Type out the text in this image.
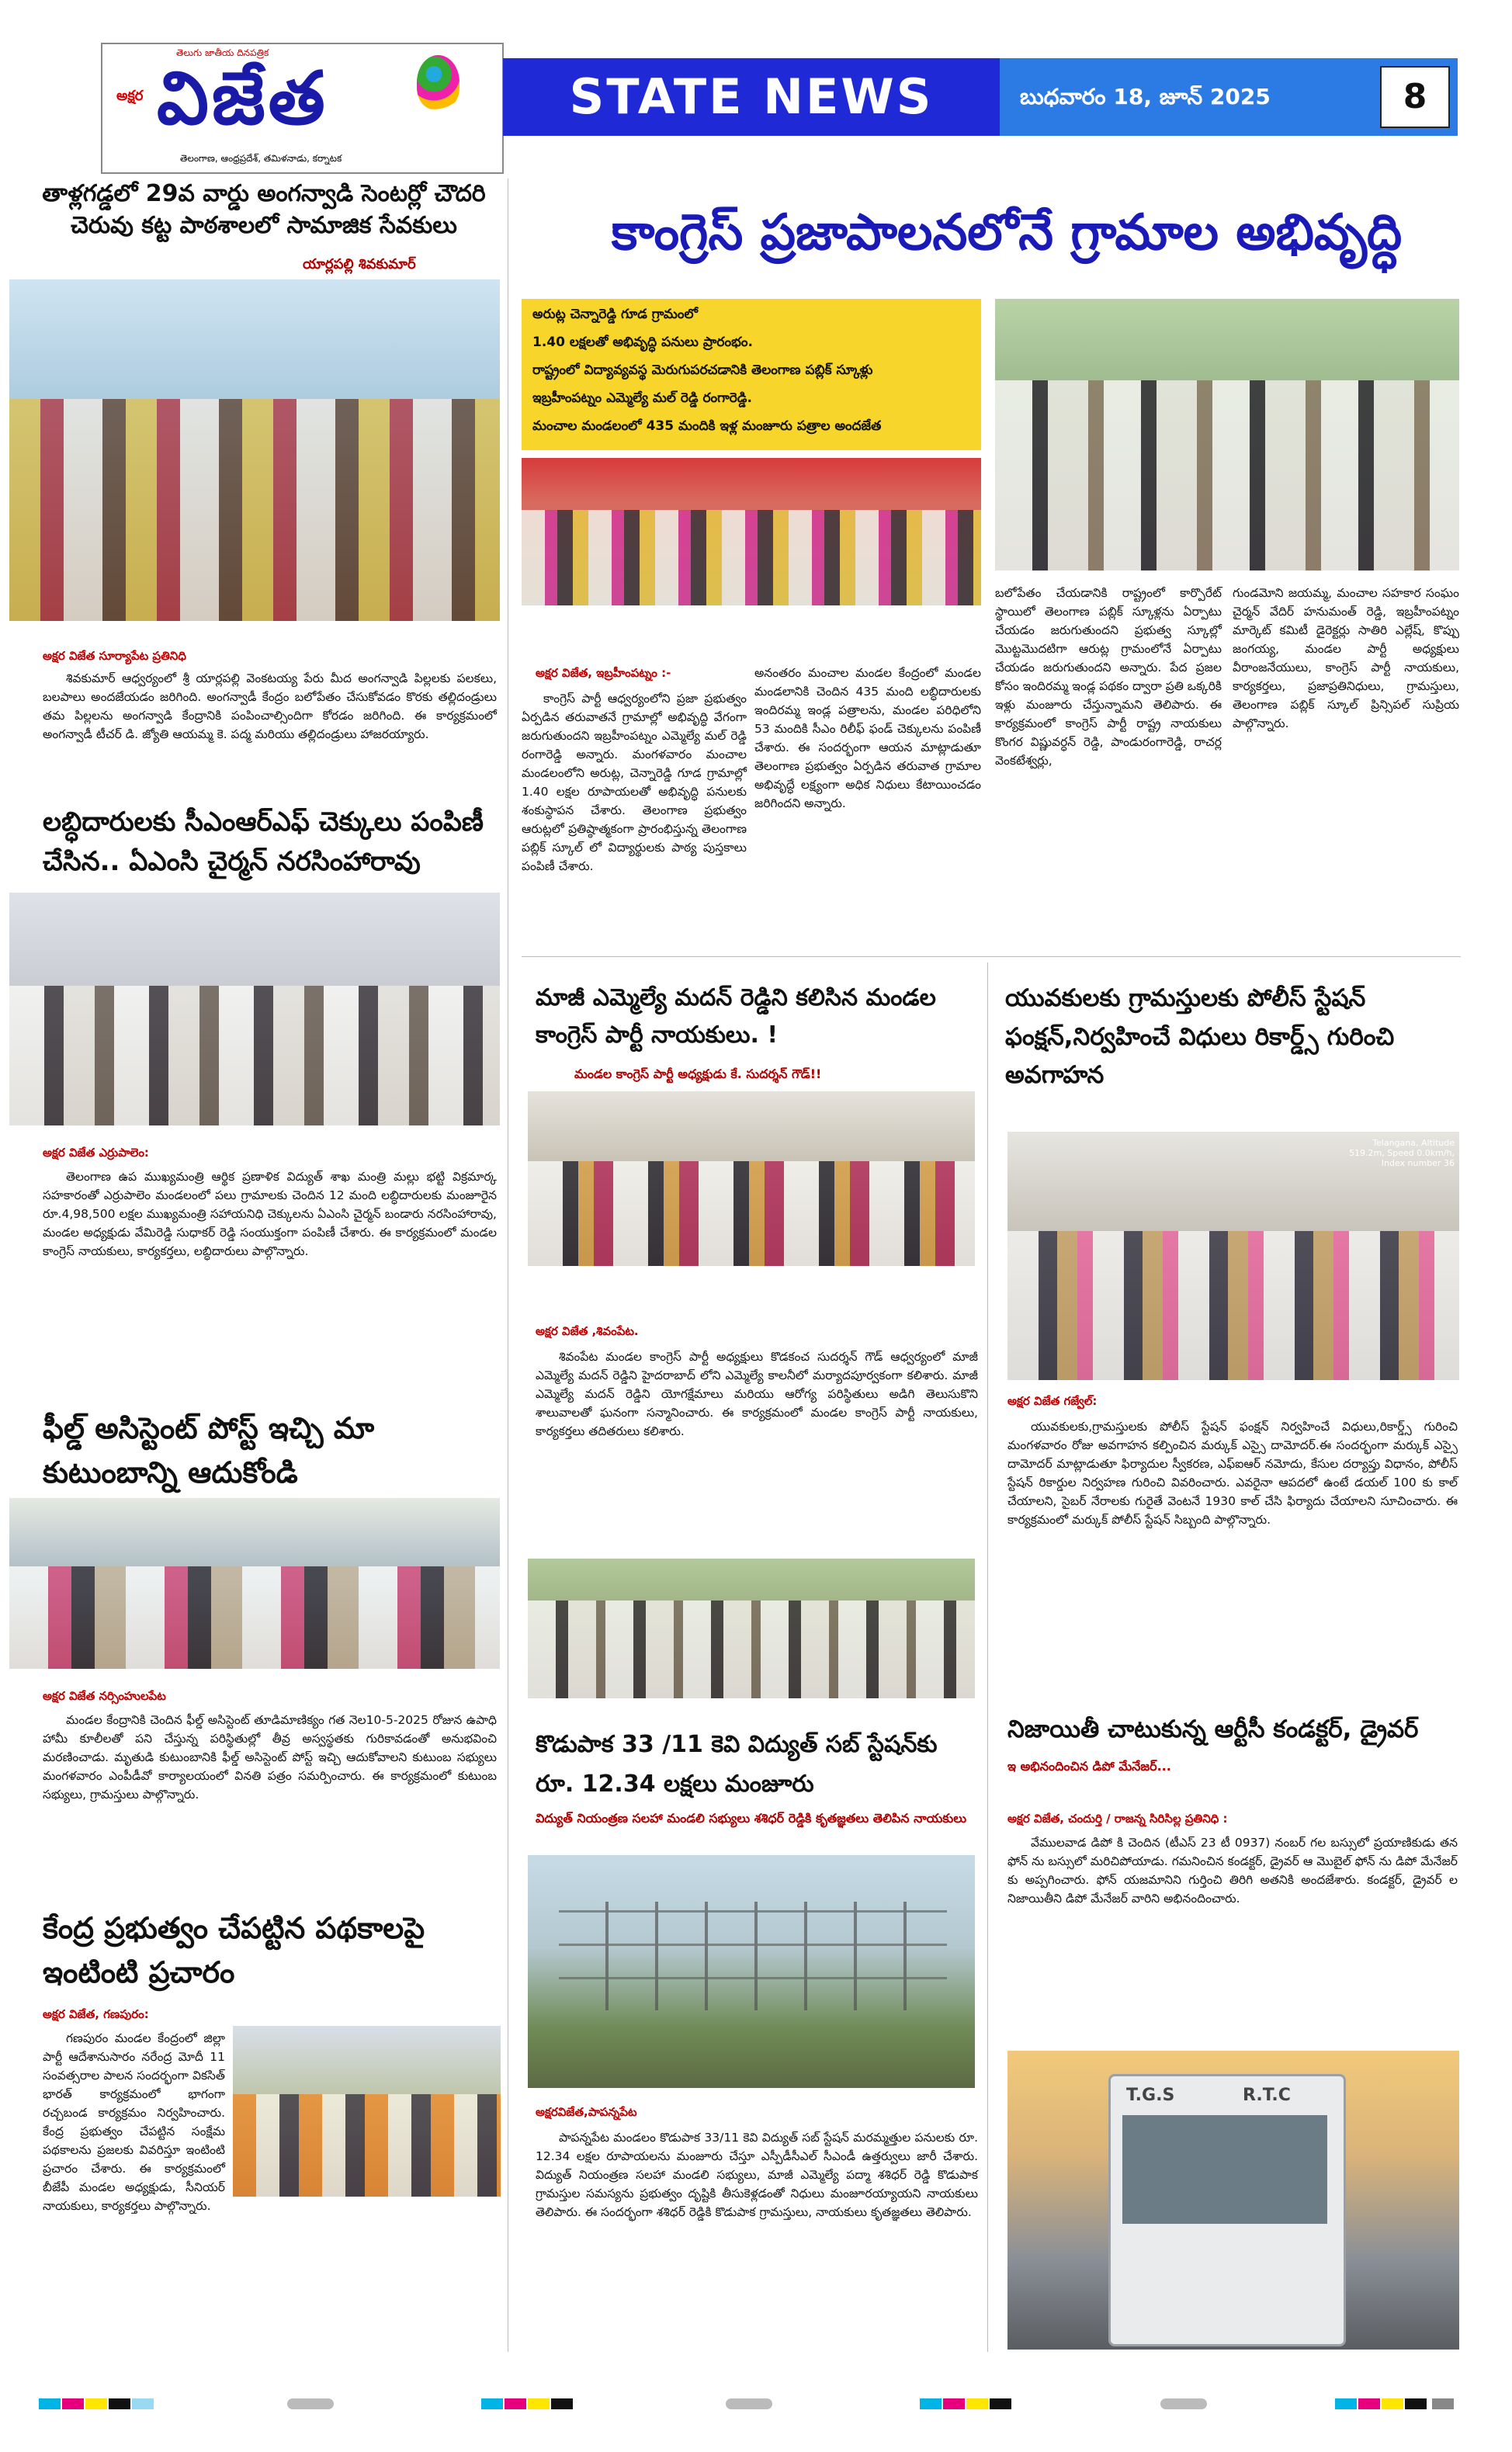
తెలుగు జాతీయ దినపత్రిక
అక్షర విజేత
తెలంగాణ, ఆంధ్రప్రదేశ్, తమిళనాడు, కర్నాటక
STATE NEWS	బుధవారం 18, జూన్ 2025	8
తాళ్లగడ్డలో 29వ వార్డు అంగన్వాడి సెంటర్లో చౌదరి చెరువు కట్ట పాఠశాలలో సామాజిక సేవకులు
యార్లపల్లి శివకుమార్
అక్షర విజేత సూర్యాపేట ప్రతినిధి
శివకుమార్ ఆధ్వర్యంలో శ్రీ యార్లపల్లి వెంకటయ్య పేరు మీద అంగన్వాడి పిల్లలకు పలకలు, బలపాలు అందజేయడం జరిగింది. అంగన్వాడీ కేంద్రం బలోపేతం చేసుకోవడం కొరకు తల్లిదండ్రులు తమ పిల్లలను అంగన్వాడి కేంద్రానికి పంపించాల్సిందిగా కోరడం జరిగింది. ఈ కార్యక్రమంలో అంగన్వాడీ టీచర్ డి. జ్యోతి ఆయమ్మ కె. పద్మ మరియు తల్లిదండ్రులు హాజరయ్యారు.
లబ్ధిదారులకు సీఎంఆర్ఎఫ్ చెక్కులు పంపిణీ చేసిన.. ఏఎంసి చైర్మన్ నరసింహారావు
అక్షర విజేత ఎర్రుపాలెం:
తెలంగాణ ఉప ముఖ్యమంత్రి ఆర్థిక ప్రణాళిక విద్యుత్ శాఖ మంత్రి మల్లు భట్టి విక్రమార్క సహకారంతో ఎర్రుపాలెం మండలంలో పలు గ్రామాలకు చెందిన 12 మంది లబ్ధిదారులకు మంజూరైన రూ.4,98,500 లక్షల ముఖ్యమంత్రి సహాయనిధి చెక్కులను ఏఎంసి చైర్మన్ బండారు నరసింహారావు, మండల అధ్యక్షుడు వేమిరెడ్డి సుధాకర్ రెడ్డి సంయుక్తంగా పంపిణీ చేశారు. ఈ కార్యక్రమంలో మండల కాంగ్రెస్ నాయకులు, కార్యకర్తలు, లబ్ధిదారులు పాల్గొన్నారు.
ఫీల్డ్ అసిస్టెంట్ పోస్ట్ ఇచ్చి మా కుటుంబాన్ని ఆదుకోండి
అక్షర విజేత నర్సింహులపేట
మండల కేంద్రానికి చెందిన ఫీల్డ్ అసిస్టెంట్ తూడిమాణిక్యం గత నెల10-5-2025 రోజున ఉపాధి హామీ కూలీలతో పని చేస్తున్న పరిస్థితుల్లో తీవ్ర అస్వస్థతకు గురికావడంతో అనుభవించి మరణించాడు. మృతుడి కుటుంబానికి ఫీల్డ్ అసిస్టెంట్ పోస్ట్ ఇచ్చి ఆదుకోవాలని కుటుంబ సభ్యులు మంగళవారం ఎంపీడీవో కార్యాలయంలో వినతి పత్రం సమర్పించారు. ఈ కార్యక్రమంలో కుటుంబ సభ్యులు, గ్రామస్తులు పాల్గొన్నారు.
కేంద్ర ప్రభుత్వం చేపట్టిన పథకాలపై ఇంటింటి ప్రచారం
అక్షర విజేత, గణపురం:
గణపురం మండల కేంద్రంలో జిల్లా పార్టీ ఆదేశానుసారం నరేంద్ర మోదీ 11 సంవత్సరాల పాలన సందర్భంగా వికసిత్ భారత్ కార్యక్రమంలో భాగంగా రచ్చబండ కార్యక్రమం నిర్వహించారు. కేంద్ర ప్రభుత్వం చేపట్టిన సంక్షేమ పథకాలను ప్రజలకు వివరిస్తూ ఇంటింటి ప్రచారం చేశారు. ఈ కార్యక్రమంలో బీజేపీ మండల అధ్యక్షుడు, సీనియర్ నాయకులు, కార్యకర్తలు పాల్గొన్నారు.
కాంగ్రెస్ ప్రజాపాలనలోనే గ్రామాల అభివృద్ధి
అరుట్ల చెన్నారెడ్డి గూడ గ్రామంలో
1.40 లక్షలతో అభివృద్ధి పనులు ప్రారంభం.
రాష్ట్రంలో విద్యావ్యవస్థ మెరుగుపరచడానికి తెలంగాణ పబ్లిక్ స్కూళ్లు
ఇబ్రహీంపట్నం ఎమ్మెల్యే మల్ రెడ్డి రంగారెడ్డి.
మంచాల మండలంలో 435 మందికి ఇళ్ల మంజూరు పత్రాల అందజేత
అక్షర విజేత, ఇబ్రహీంపట్నం :-
కాంగ్రెస్ పార్టీ ఆధ్వర్యంలోని ప్రజా ప్రభుత్వం ఏర్పడిన తరువాతనే గ్రామాల్లో అభివృద్ధి వేగంగా జరుగుతుందని ఇబ్రహీంపట్నం ఎమ్మెల్యే మల్ రెడ్డి రంగారెడ్డి అన్నారు. మంగళవారం మంచాల మండలంలోని అరుట్ల, చెన్నారెడ్డి గూడ గ్రామాల్లో 1.40 లక్షల రూపాయలతో అభివృద్ధి పనులకు శంకుస్థాపన చేశారు. తెలంగాణ ప్రభుత్వం ఆరుట్లలో ప్రతిష్ఠాత్మకంగా ప్రారంభిస్తున్న తెలంగాణ పబ్లిక్ స్కూల్ లో విద్యార్థులకు పాఠ్య పుస్తకాలు పంపిణీ చేశారు.
అనంతరం మంచాల మండల కేంద్రంలో మండల మండలానికి చెందిన 435 మంది లబ్ధిదారులకు ఇందిరమ్మ ఇండ్ల పత్రాలను, మండల పరిధిలోని 53 మందికి సీఎం రిలీఫ్ ఫండ్ చెక్కులను పంపిణీ చేశారు. ఈ సందర్భంగా ఆయన మాట్లాడుతూ తెలంగాణ ప్రభుత్వం ఏర్పడిన తరువాత గ్రామాల అభివృద్ధే లక్ష్యంగా అధిక నిధులు కేటాయించడం జరిగిందని అన్నారు.
బలోపేతం చేయడానికి రాష్ట్రంలో కార్పొరేట్ స్థాయిలో తెలంగాణ పబ్లిక్ స్కూళ్లను ఏర్పాటు చేయడం జరుగుతుందని ప్రభుత్వ స్కూల్లో మొట్టమొదటిగా ఆరుట్ల గ్రామంలోనే ఏర్పాటు చేయడం జరుగుతుందని అన్నారు. పేద ప్రజల కోసం ఇందిరమ్మ ఇండ్ల పథకం ద్వారా ప్రతి ఒక్కరికి ఇళ్లు మంజూరు చేస్తున్నామని తెలిపారు. ఈ కార్యక్రమంలో కాంగ్రెస్ పార్టీ రాష్ట్ర నాయకులు కొంగర విష్ణువర్ధన్ రెడ్డి, పాండురంగారెడ్డి, రాచర్ల వెంకటేశ్వర్లు,
గుండమోని జయమ్మ, మంచాల సహకార సంఘం చైర్మన్ వేదిర్ హనుమంత్ రెడ్డి, ఇబ్రహీంపట్నం మార్కెట్ కమిటీ డైరెక్టర్లు సాతిరి ఎల్లేష్, కొప్పు జంగయ్య, మండల పార్టీ అధ్యక్షులు వీరాంజనేయులు, కాంగ్రెస్ పార్టీ నాయకులు, కార్యకర్తలు, ప్రజాప్రతినిధులు, గ్రామస్తులు, తెలంగాణ పబ్లిక్ స్కూల్ ప్రిన్సిపల్ సుప్రియ పాల్గొన్నారు.
మాజీ ఎమ్మెల్యే మదన్ రెడ్డిని కలిసిన మండల కాంగ్రెస్ పార్టీ నాయకులు. !
మండల కాంగ్రెస్ పార్టీ అధ్యక్షుడు కే. సుదర్శన్ గౌడ్!!
అక్షర విజేత ,శివంపేట.
శివంపేట మండల కాంగ్రెస్ పార్టీ అధ్యక్షులు కొడకంచ సుదర్శన్ గౌడ్ ఆధ్వర్యంలో మాజీ ఎమ్మెల్యే మదన్ రెడ్డిని హైదరాబాద్ లోని ఎమ్మెల్యే కాలనీలో మర్యాదపూర్వకంగా కలిశారు. మాజీ ఎమ్మెల్యే మదన్ రెడ్డిని యోగక్షేమాలు మరియు ఆరోగ్య పరిస్థితులు అడిగి తెలుసుకొని శాలువాలతో ఘనంగా సన్మానించారు. ఈ కార్యక్రమంలో మండల కాంగ్రెస్ పార్టీ నాయకులు, కార్యకర్తలు తదితరులు కలిశారు.
కొడుపాక 33 /11 కెవి విద్యుత్ సబ్ స్టేషన్‌కు రూ. 12.34 లక్షలు మంజూరు
విద్యుత్ నియంత్రణ సలహా మండలి సభ్యులు శశిధర్ రెడ్డికి కృతజ్ఞతలు తెలిపిన నాయకులు
అక్షరవిజేత,పాపన్నపేట
పాపన్నపేట మండలం కొడుపాక 33/11 కెవి విద్యుత్ సబ్ స్టేషన్ మరమ్మత్తుల పనులకు రూ. 12.34 లక్షల రూపాయలను మంజూరు చేస్తూ ఎస్పీడీసీఎల్ సీఎండీ ఉత్తర్వులు జారీ చేశారు. విద్యుత్ నియంత్రణ సలహా మండలి సభ్యులు, మాజీ ఎమ్మెల్యే పద్మా శశిధర్ రెడ్డి కొడుపాక గ్రామస్తుల సమస్యను ప్రభుత్వం దృష్టికి తీసుకెళ్లడంతో నిధులు మంజూరయ్యాయని నాయకులు తెలిపారు. ఈ సందర్భంగా శశిధర్ రెడ్డికి కొడుపాక గ్రామస్తులు, నాయకులు కృతజ్ఞతలు తెలిపారు.
యువకులకు గ్రామస్తులకు పోలీస్ స్టేషన్ ఫంక్షన్,నిర్వహించే విధులు రికార్డ్స్ గురించి అవగాహన
Telangana, Altitude 519.2m, Speed 0.0km/h, Index number 36
అక్షర విజేత గజ్వేల్:
యువకులకు,గ్రామస్తులకు పోలీస్ స్టేషన్ ఫంక్షన్ నిర్వహించే విధులు,రికార్డ్స్ గురించి మంగళవారం రోజు అవగాహన కల్పించిన మర్కుక్ ఎస్సై దామోదర్.ఈ సందర్భంగా మర్కుక్ ఎస్సై దామోదర్ మాట్లాడుతూ ఫిర్యాదుల స్వీకరణ, ఎఫ్ఐఆర్ నమోదు, కేసుల దర్యాప్తు విధానం, పోలీస్ స్టేషన్ రికార్డుల నిర్వహణ గురించి వివరించారు. ఎవరైనా ఆపదలో ఉంటే డయల్ 100 కు కాల్ చేయాలని, సైబర్ నేరాలకు గురైతే వెంటనే 1930 కాల్ చేసి ఫిర్యాదు చేయాలని సూచించారు. ఈ కార్యక్రమంలో మర్కుక్ పోలీస్ స్టేషన్ సిబ్బంది పాల్గొన్నారు.
నిజాయితీ చాటుకున్న ఆర్టీసీ కండక్టర్, డ్రైవర్
ఇ అభినందించిన డిపో మేనేజర్...
అక్షర విజేత, చందుర్తి / రాజన్న సిరిసిల్ల ప్రతినిధి :
వేములవాడ డిపో కి చెందిన (టీఎస్ 23 టీ 0937) నంబర్ గల బస్సులో ప్రయాణికుడు తన ఫోన్ ను బస్సులో మరిచిపోయాడు. గమనించిన కండక్టర్, డ్రైవర్ ఆ మొబైల్ ఫోన్ ను డిపో మేనేజర్ కు అప్పగించారు. ఫోన్ యజమానిని గుర్తించి తిరిగి అతనికి అందజేశారు. కండక్టర్, డ్రైవర్ ల నిజాయితీని డిపో మేనేజర్ వారిని అభినందించారు.
T.G.S	R.T.C
